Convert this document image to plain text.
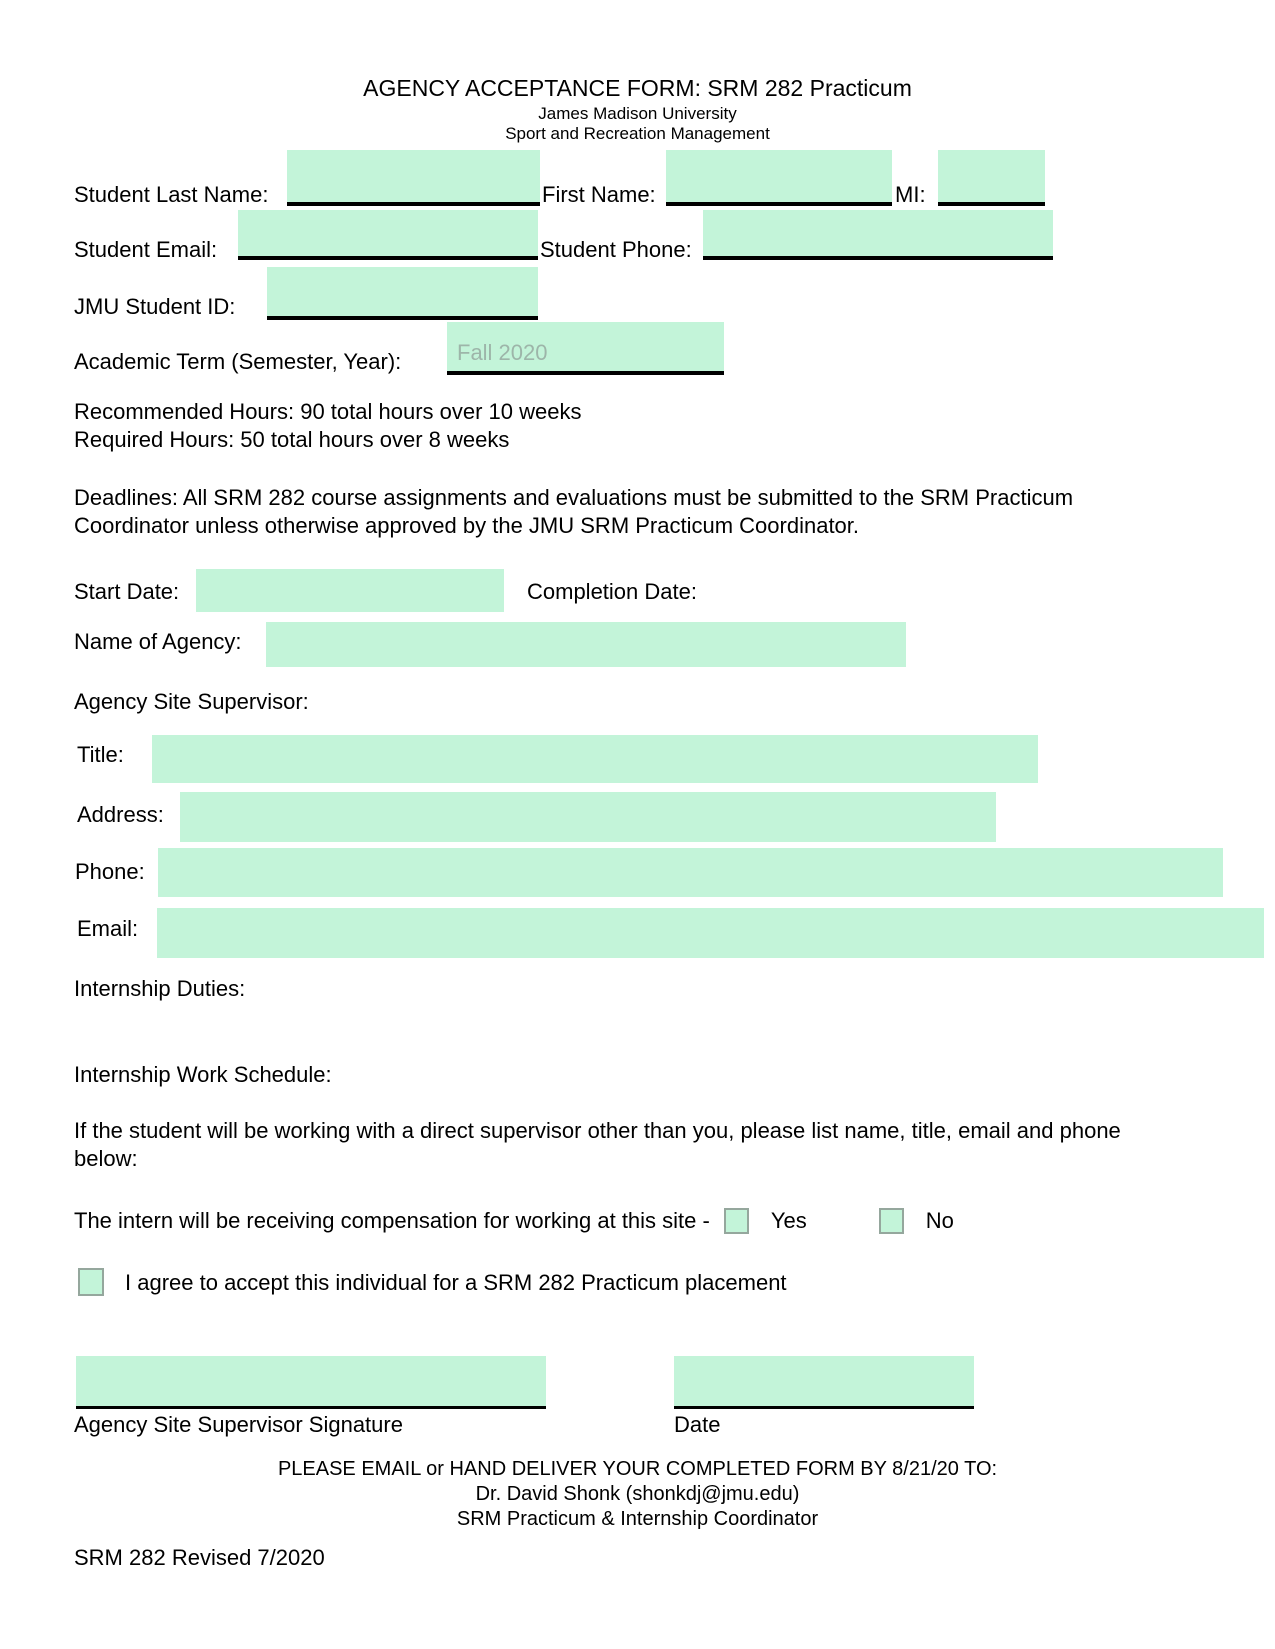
AGENCY ACCEPTANCE FORM: SRM 282 Practicum
James Madison University
Sport and Recreation Management
Student Last Name:	First Name:	MI:
Student Email:	Student Phone:
JMU Student ID:
Academic Term (Semester, Year):	Fall 2020
Recommended Hours: 90 total hours over 10 weeks
Required Hours: 50 total hours over 8 weeks
Deadlines: All SRM 282 course assignments and evaluations must be submitted to the SRM Practicum Coordinator unless otherwise approved by the JMU SRM Practicum Coordinator.
Start Date:	Completion Date:
Name of Agency:
Agency Site Supervisor:
Title:
Address:
Phone:
Email:
Internship Duties:
Internship Work Schedule:
If the student will be working with a direct supervisor other than you, please list name, title, email and phone below:
The intern will be receiving compensation for working at this site -	Yes	No
I agree to accept this individual for a SRM 282 Practicum placement
Agency Site Supervisor Signature	Date
PLEASE EMAIL or HAND DELIVER YOUR COMPLETED FORM BY 8/21/20 TO:
Dr. David Shonk (shonkdj@jmu.edu)
SRM Practicum & Internship Coordinator
SRM 282 Revised 7/2020
